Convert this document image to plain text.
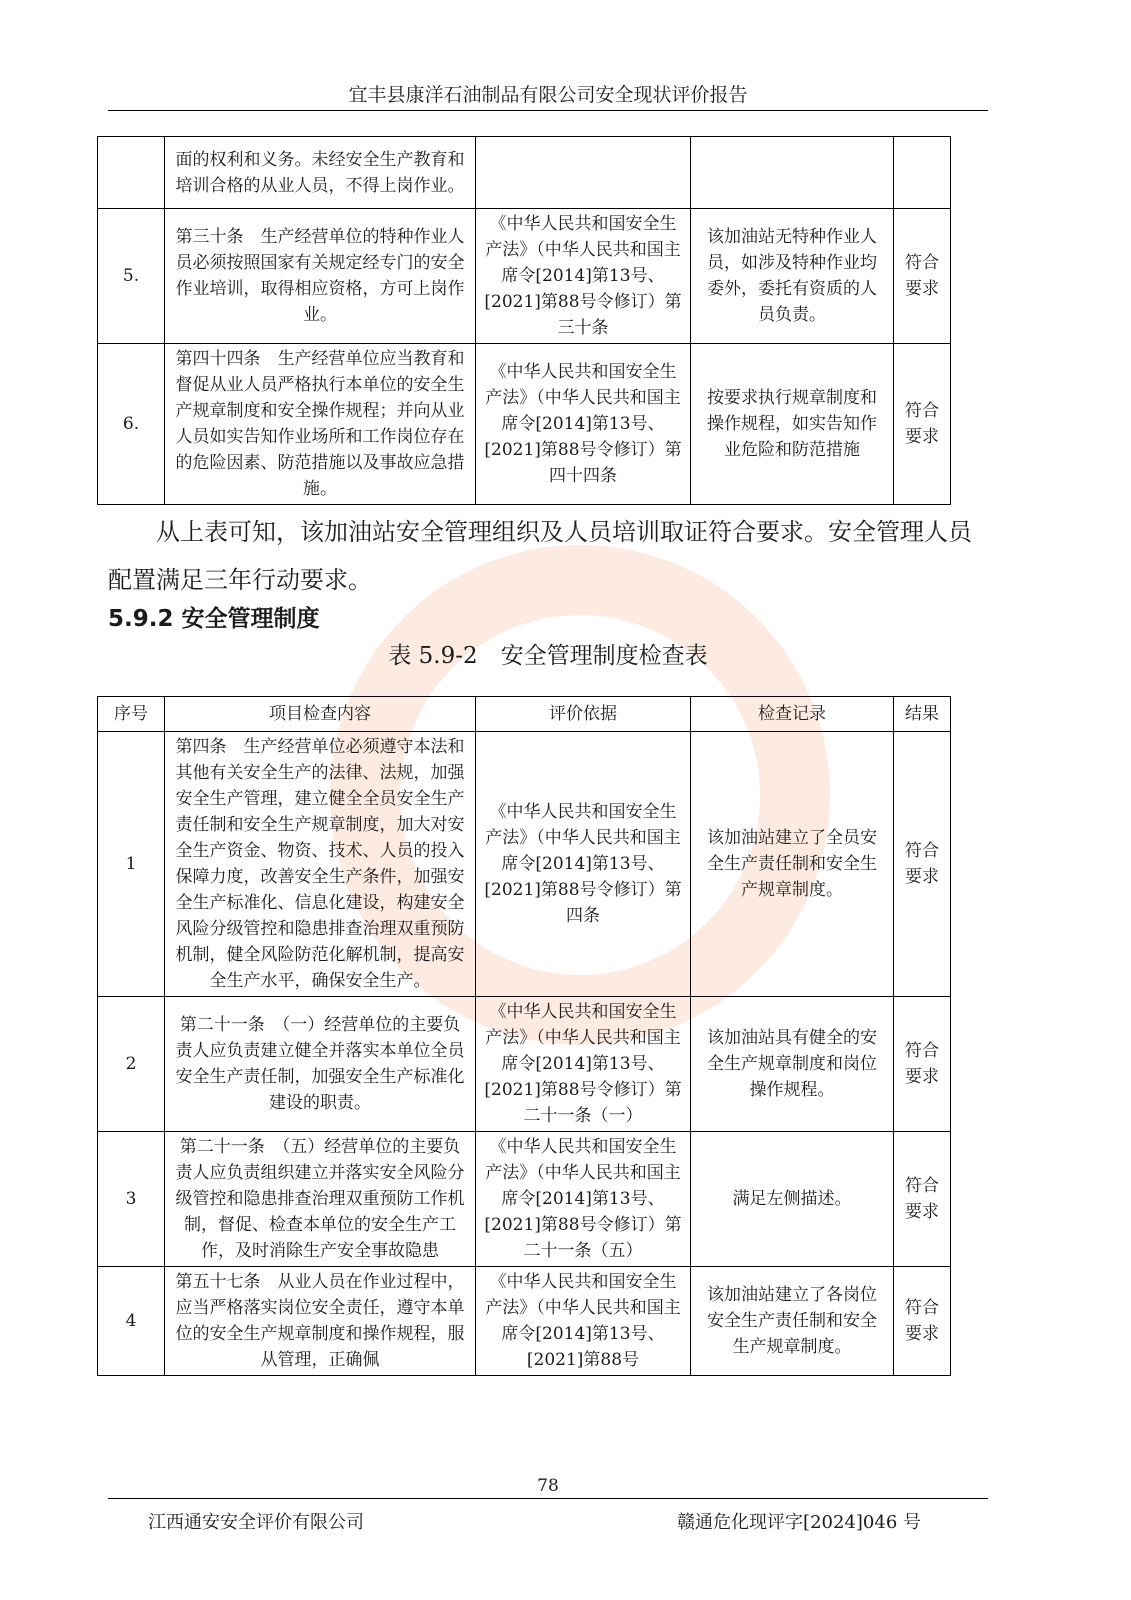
宜丰县康洋石油制品有限公司安全现状评价报告
	面的权利和义务。未经安全生产教育和培训合格的从业人员，不得上岗作业。			
5.	第三十条　生产经营单位的特种作业人员必须按照国家有关规定经专门的安全作业培训，取得相应资格，方可上岗作业。	《中华人民共和国安全生产法》（中华人民共和国主席令[2014]第13号、[2021]第88号令修订）第三十条	该加油站无特种作业人员，如涉及特种作业均委外，委托有资质的人员负责。	符合要求
6.	第四十四条　生产经营单位应当教育和督促从业人员严格执行本单位的安全生产规章制度和安全操作规程；并向从业人员如实告知作业场所和工作岗位存在的危险因素、防范措施以及事故应急措施。	《中华人民共和国安全生产法》（中华人民共和国主席令[2014]第13号、[2021]第88号令修订）第四十四条	按要求执行规章制度和操作规程，如实告知作业危险和防范措施	符合要求
从上表可知，该加油站安全管理组织及人员培训取证符合要求。安全管理人员配置满足三年行动要求。
5.9.2 安全管理制度
表 5.9-2　安全管理制度检查表
序号	项目检查内容	评价依据	检查记录	结果
1	第四条　生产经营单位必须遵守本法和其他有关安全生产的法律、法规，加强安全生产管理，建立健全全员安全生产责任制和安全生产规章制度，加大对安全生产资金、物资、技术、人员的投入保障力度，改善安全生产条件，加强安全生产标准化、信息化建设，构建安全风险分级管控和隐患排查治理双重预防机制，健全风险防范化解机制，提高安全生产水平，确保安全生产。	《中华人民共和国安全生产法》（中华人民共和国主席令[2014]第13号、[2021]第88号令修订）第四条	该加油站建立了全员安全生产责任制和安全生产规章制度。	符合要求
2	第二十一条　（一）经营单位的主要负责人应负责建立健全并落实本单位全员安全生产责任制，加强安全生产标准化建设的职责。	《中华人民共和国安全生产法》（中华人民共和国主席令[2014]第13号、[2021]第88号令修订）第二十一条（一）	该加油站具有健全的安全生产规章制度和岗位操作规程。	符合要求
3	第二十一条　（五）经营单位的主要负责人应负责组织建立并落实安全风险分级管控和隐患排查治理双重预防工作机制，督促、检查本单位的安全生产工作，及时消除生产安全事故隐患	《中华人民共和国安全生产法》（中华人民共和国主席令[2014]第13号、[2021]第88号令修订）第二十一条（五）	满足左侧描述。	符合要求
4	第五十七条　从业人员在作业过程中，应当严格落实岗位安全责任，遵守本单位的安全生产规章制度和操作规程，服从管理，正确佩	《中华人民共和国安全生产法》（中华人民共和国主席令[2014]第13号、[2021]第88号	该加油站建立了各岗位安全生产责任制和安全生产规章制度。	符合要求
78
江西通安安全评价有限公司	赣通危化现评字[2024]046 号
